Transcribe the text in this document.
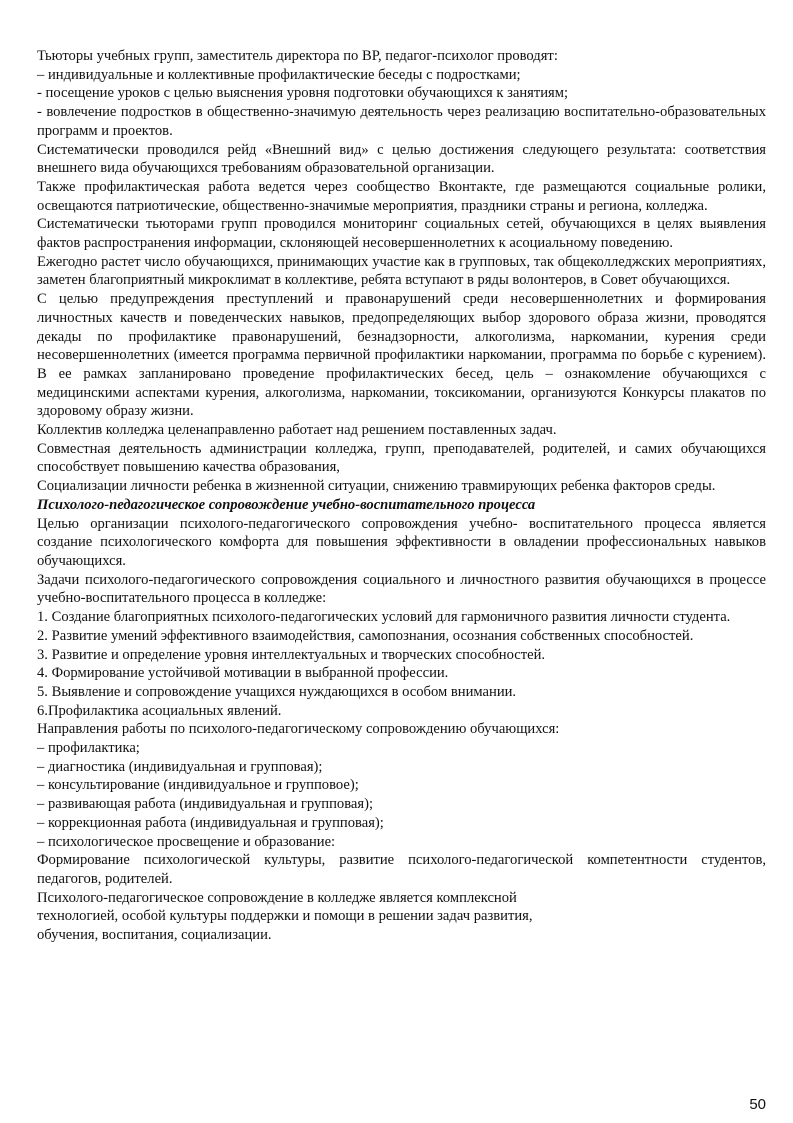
Тьюторы учебных групп, заместитель директора по ВР, педагог-психолог проводят:

– индивидуальные и коллективные профилактические беседы с подростками;

- посещение уроков с целью выяснения уровня подготовки обучающихся к занятиям;

- вовлечение подростков в общественно-значимую деятельность через реализацию воспитательно-образовательных программ и проектов.

Систематически проводился рейд «Внешний вид» с целью достижения следующего результата: соответствия внешнего вида обучающихся требованиям образовательной организации.

Также профилактическая работа ведется через сообщество Вконтакте, где размещаются социальные ролики, освещаются патриотические, общественно-значимые мероприятия, праздники страны и региона, колледжа.

Систематически тьюторами групп проводился мониторинг социальных сетей, обучающихся в целях выявления фактов распространения информации, склоняющей несовершеннолетних к асоциальному поведению.

Ежегодно растет число обучающихся, принимающих участие как в групповых, так общеколледжских мероприятиях, заметен благоприятный микроклимат в коллективе, ребята вступают в ряды волонтеров, в Совет обучающихся.

С целью предупреждения преступлений и правонарушений среди несовершеннолетних и формирования личностных качеств и поведенческих навыков, предопределяющих выбор здорового образа жизни, проводятся декады по профилактике правонарушений, безнадзорности, алкоголизма, наркомании, курения среди несовершеннолетних (имеется программа первичной профилактики наркомании, программа по борьбе с курением). В ее рамках запланировано проведение профилактических бесед, цель – ознакомление обучающихся с медицинскими аспектами курения, алкоголизма, наркомании, токсикомании, организуются Конкурсы плакатов по здоровому образу жизни.

Коллектив колледжа целенаправленно работает над решением поставленных задач.

Совместная деятельность администрации колледжа, групп, преподавателей, родителей, и самих обучающихся способствует повышению качества образования,

Социализации личности ребенка в жизненной ситуации, снижению травмирующих ребенка факторов среды.

Психолого-педагогическое сопровождение учебно-воспитательного процесса

Целью организации психолого-педагогического сопровождения учебно- воспитательного процесса является создание психологического комфорта для повышения эффективности в овладении профессиональных навыков обучающихся.

Задачи психолого-педагогического сопровождения социального и личностного развития обучающихся в процессе учебно-воспитательного процесса в колледже:

1. Создание благоприятных психолого-педагогических условий для гармоничного развития личности студента.

2. Развитие умений эффективного взаимодействия, самопознания, осознания собственных способностей.

3. Развитие и определение уровня интеллектуальных и творческих способностей.

4. Формирование устойчивой мотивации в выбранной профессии.

5. Выявление и сопровождение учащихся нуждающихся в особом внимании.

6.Профилактика асоциальных явлений.

Направления работы по психолого-педагогическому сопровождению обучающихся:

– профилактика;

– диагностика (индивидуальная и групповая);

– консультирование (индивидуальное и групповое);

– развивающая работа (индивидуальная и групповая);

– коррекционная работа (индивидуальная и групповая);

– психологическое просвещение и образование:

Формирование психологической культуры, развитие психолого-педагогической компетентности студентов, педагогов, родителей.

Психолого-педагогическое сопровождение в колледже является комплексной

технологией, особой культуры поддержки и помощи в решении задач развития,

обучения, воспитания, социализации.

50
